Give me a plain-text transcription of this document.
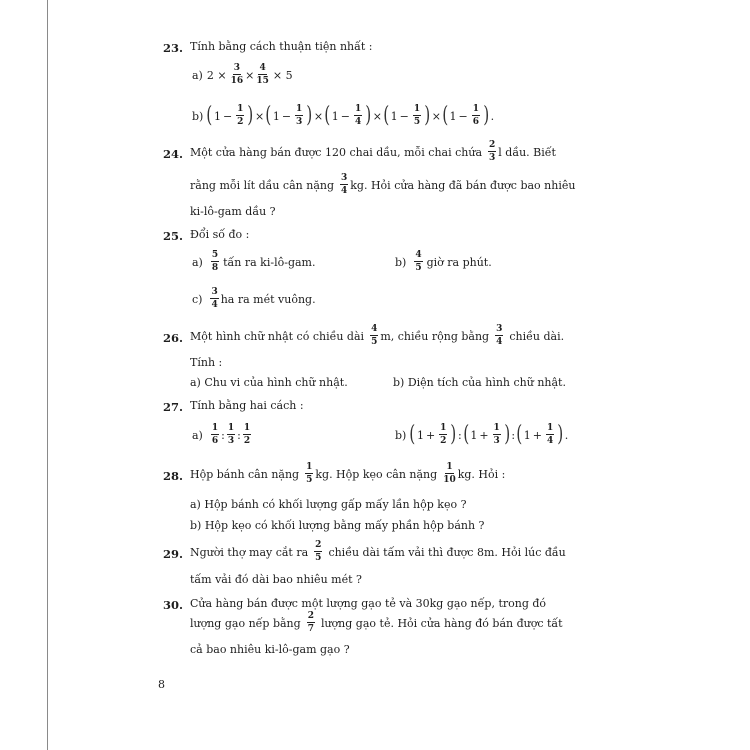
23. Tính bằng cách thuận tiện nhất :
a) $2 \times \frac{3}{16} \times \frac{4}{15} \times 5$
b) ( $1 - \frac{1}{2}$ ) × ( $1 - \frac{1}{3}$ ) × ( $1 - \frac{1}{4}$ ) × ( $1 - \frac{1}{5}$ ) × ( $1 - \frac{1}{6}$ ) .
24. Một cửa hàng bán được 120 chai dầu, mỗi chai chứa $\frac{2}{3}$ l dầu. Biết
rằng mỗi lít dầu cân nặng $\frac{3}{4}$ kg. Hỏi cửa hàng đã bán được bao nhiêu
ki-lô-gam dầu ?
25. Đổi số đo :
$a) \frac{5}{8}$ tấn ra ki-lô-gam.	$b) \frac{4}{5}$ giờ ra phút.
$c) \frac{3}{4}$ ha ra mét vuông.
26. Một hình chữ nhật có chiều dài $\frac{4}{5} m$, chiều rộng bằng $\frac{3}{4}$ chiều dài.
Tính :
a) Chu vi của hình chữ nhật.	b) Diện tích của hình chữ nhật.
27. Tính bằng hai cách :
$a) \frac{1}{6}$ : $\frac{1}{3}$ : $\frac{1}{2}$	b) ( $1 + \frac{1}{2}$ ) : ( $1 + \frac{1}{3}$ ) : ( $1 + \frac{1}{4}$ ) .
28. Hộp bánh cân nặng $\frac{1}{5}$ kg. Hộp kẹo cân nặng $\frac{1}{10}$ kg. Hỏi :
a) Hộp bánh có khối lượng gấp mấy lần hộp kẹo ?
b) Hộp kẹo có khối lượng bằng mấy phần hộp bánh ?
29. Người thợ may cắt ra $\frac{2}{5}$ chiều dài tấm vải thì được 8m. Hỏi lúc đầu
tấm vải đó dài bao nhiêu mét ?
30. Cửa hàng bán được một lượng gạo tẻ và 30kg gạo nếp, trong đó
lượng gạo nếp bằng $\frac{2}{7}$ lượng gạo tẻ. Hỏi cửa hàng đó bán được tất
cả bao nhiêu ki-lô-gam gạo ?
8
